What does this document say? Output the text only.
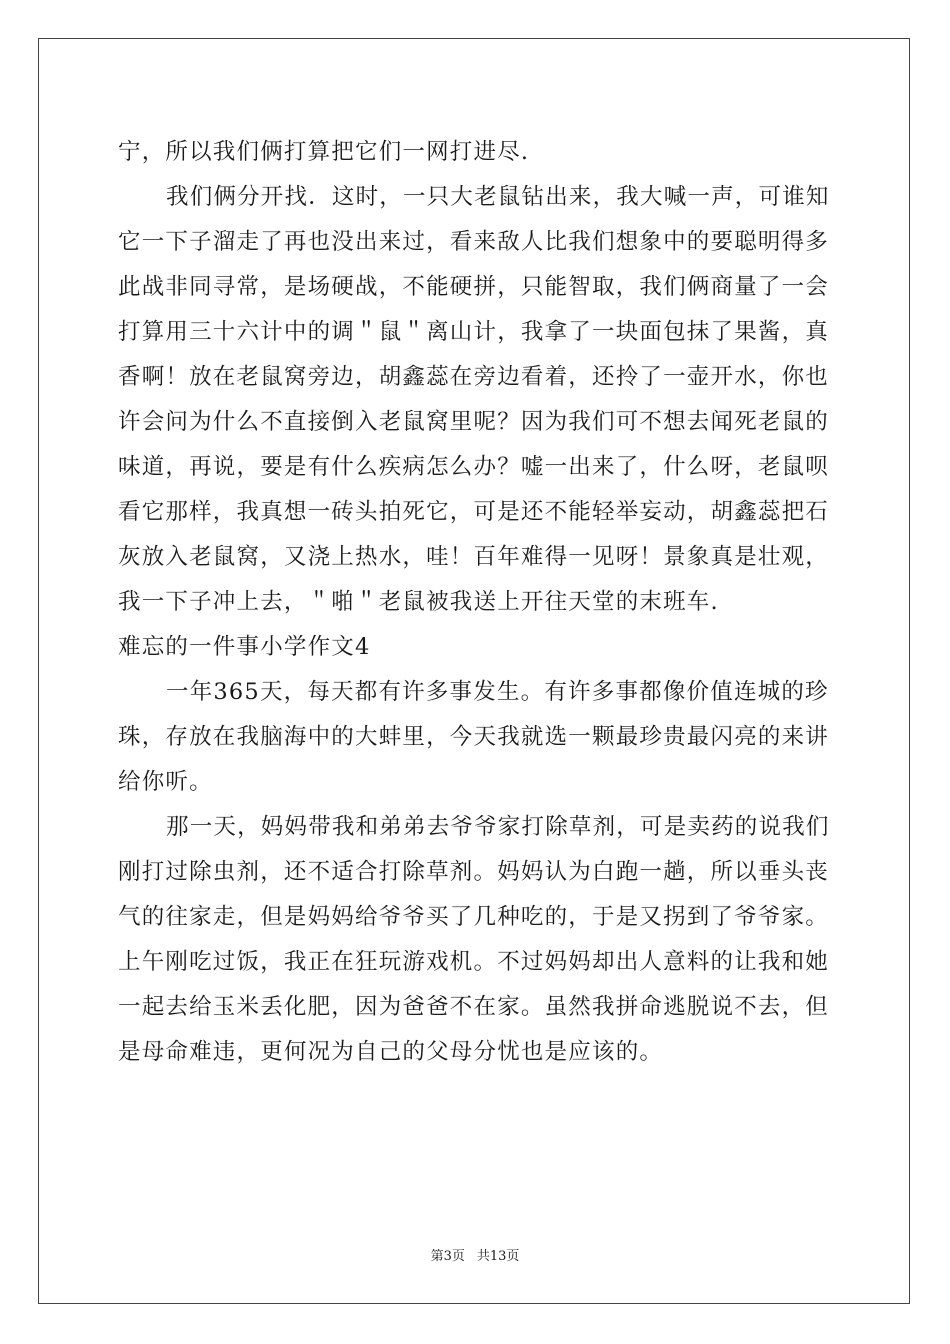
宁，所以我们俩打算把它们一网打进尽.
我们俩分开找．这时，一只大老鼠钻出来，我大喊一声，可谁知
它一下子溜走了再也没出来过，看来敌人比我们想象中的要聪明得多
此战非同寻常，是场硬战，不能硬拼，只能智取，我们俩商量了一会
打算用三十六计中的调＂鼠＂离山计，我拿了一块面包抹了果酱，真
香啊！放在老鼠窝旁边，胡鑫蕊在旁边看着，还拎了一壶开水，你也
许会问为什么不直接倒入老鼠窝里呢？因为我们可不想去闻死老鼠的
味道，再说，要是有什么疾病怎么办？嘘一出来了，什么呀，老鼠呗
看它那样，我真想一砖头拍死它，可是还不能轻举妄动，胡鑫蕊把石
灰放入老鼠窝，又浇上热水，哇！百年难得一见呀！景象真是壮观，
我一下子冲上去，＂啪＂老鼠被我送上开往天堂的末班车.
难忘的一件事小学作文4
一年365天，每天都有许多事发生。有许多事都像价值连城的珍
珠，存放在我脑海中的大蚌里，今天我就选一颗最珍贵最闪亮的来讲
给你听。
那一天，妈妈带我和弟弟去爷爷家打除草剂，可是卖药的说我们
刚打过除虫剂，还不适合打除草剂。妈妈认为白跑一趟，所以垂头丧
气的往家走，但是妈妈给爷爷买了几种吃的，于是又拐到了爷爷家。
上午刚吃过饭，我正在狂玩游戏机。不过妈妈却出人意料的让我和她
一起去给玉米丢化肥，因为爸爸不在家。虽然我拼命逃脱说不去，但
是母命难违，更何况为自己的父母分忧也是应该的。
第3页 共13页
